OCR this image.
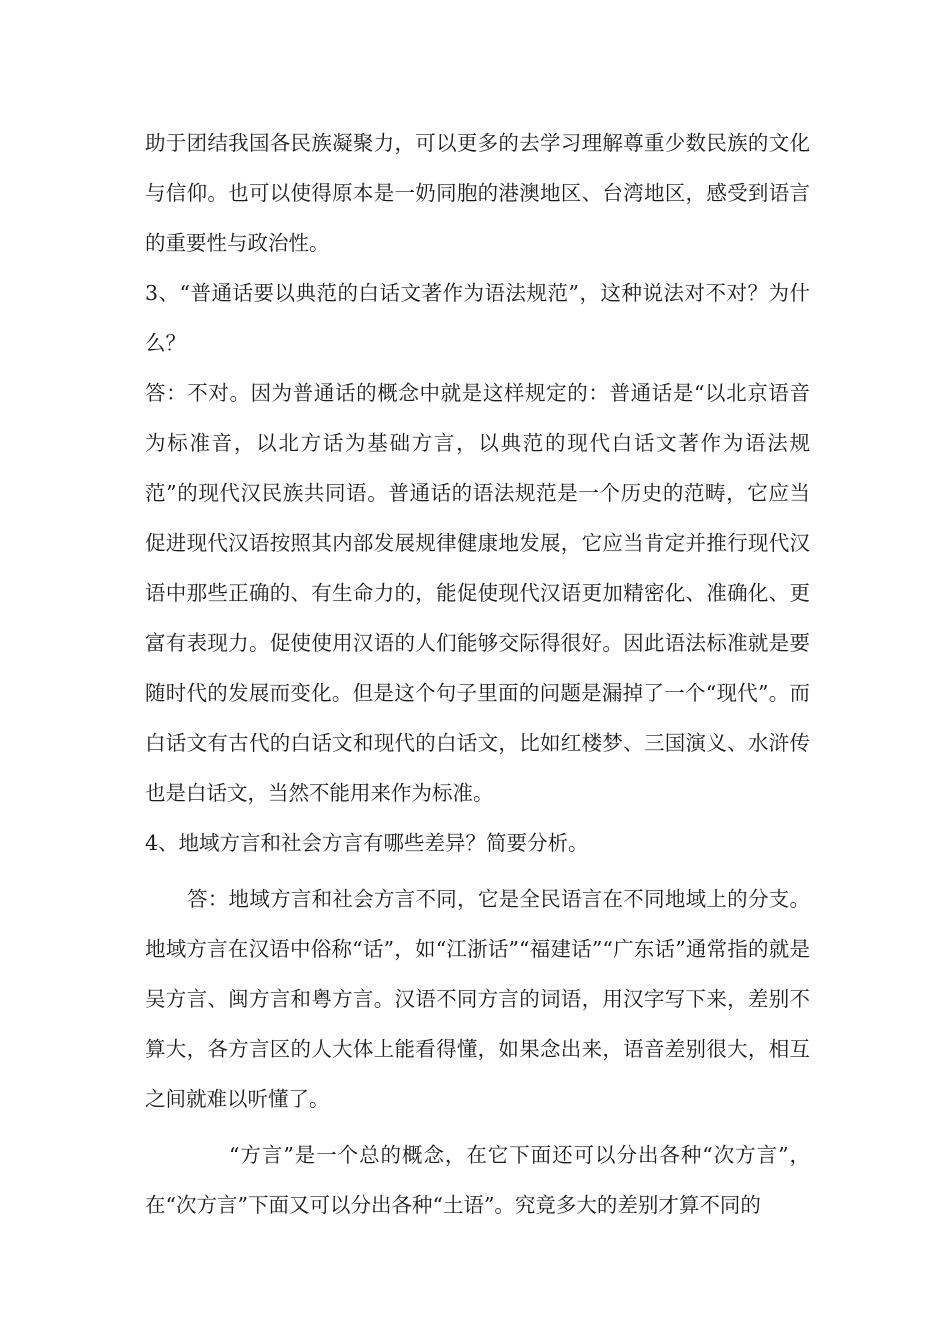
助于团结我国各民族凝聚力，可以更多的去学习理解尊重少数民族的文化与信仰。也可以使得原本是一奶同胞的港澳地区、台湾地区，感受到语言的重要性与政治性。

3、“普通话要以典范的白话文著作为语法规范”，这种说法对不对？为什么？

答：不对。因为普通话的概念中就是这样规定的：普通话是“以北京语音为标准音，以北方话为基础方言，以典范的现代白话文著作为语法规范”的现代汉民族共同语。普通话的语法规范是一个历史的范畴，它应当促进现代汉语按照其内部发展规律健康地发展，它应当肯定并推行现代汉语中那些正确的、有生命力的，能促使现代汉语更加精密化、准确化、更富有表现力。促使使用汉语的人们能够交际得很好。因此语法标准就是要随时代的发展而变化。但是这个句子里面的问题是漏掉了一个“现代”。而白话文有古代的白话文和现代的白话文，比如红楼梦、三国演义、水浒传也是白话文，当然不能用来作为标准。

4、地域方言和社会方言有哪些差异？简要分析。

答：地域方言和社会方言不同，它是全民语言在不同地域上的分支。地域方言在汉语中俗称“话”，如“江浙话”“福建话”“广东话”通常指的就是吴方言、闽方言和粤方言。汉语不同方言的词语，用汉字写下来，差别不算大，各方言区的人大体上能看得懂，如果念出来，语音差别很大，相互之间就难以听懂了。

“方言”是一个总的概念，在它下面还可以分出各种“次方言”，在“次方言”下面又可以分出各种“土语”。究竟多大的差别才算不同的
